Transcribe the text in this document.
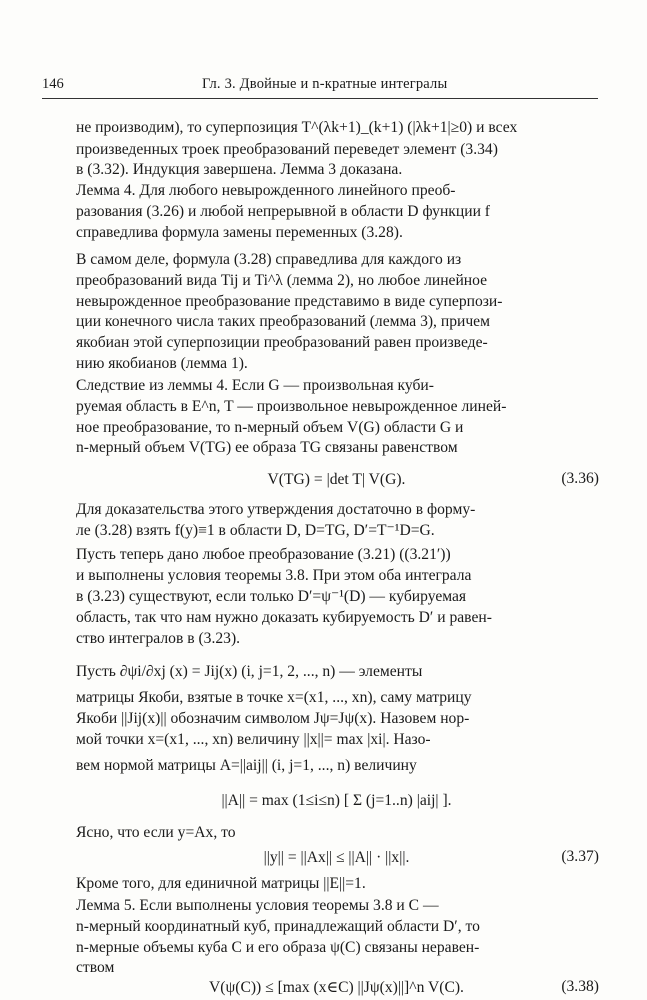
146	Гл. 3. Двойные и n-кратные интегралы
не производим), то суперпозиция T^(λk+1)_(k+1) (|λk+1|≥0) и всех
произведенных троек преобразований переведет элемент (3.34)
в (3.32). Индукция завершена. Лемма 3 доказана.
Лемма 4. Для любого невырожденного линейного преоб-
разования (3.26) и любой непрерывной в области D функции f
справедлива формула замены переменных (3.28).
В самом деле, формула (3.28) справедлива для каждого из
преобразований вида Tij и Ti^λ (лемма 2), но любое линейное
невырожденное преобразование представимо в виде суперпози-
ции конечного числа таких преобразований (лемма 3), причем
якобиан этой суперпозиции преобразований равен произведе-
нию якобианов (лемма 1).
Следствие из леммы 4. Если G — произвольная куби-
руемая область в E^n, T — произвольное невырожденное линей-
ное преобразование, то n-мерный объем V(G) области G и
n-мерный объем V(TG) ее образа TG связаны равенством
V(TG) = |det T| V(G).	(3.36)
Для доказательства этого утверждения достаточно в форму-
ле (3.28) взять f(y)≡1 в области D, D=TG, D′=T⁻¹D=G.
Пусть теперь дано любое преобразование (3.21) ((3.21′))
и выполнены условия теоремы 3.8. При этом оба интеграла
в (3.23) существуют, если только D′=ψ⁻¹(D) — кубируемая
область, так что нам нужно доказать кубируемость D′ и равен-
ство интегралов в (3.23).
Пусть ∂ψi/∂xj (x) = Jij(x) (i, j=1, 2, ..., n) — элементы
матрицы Якоби, взятые в точке x=(x1, ..., xn), саму матрицу
Якоби ||Jij(x)|| обозначим символом Jψ=Jψ(x). Назовем нор-
мой точки x=(x1, ..., xn) величину ||x||= max |xi|. Назо-
вем нормой матрицы A=||aij|| (i, j=1, ..., n) величину
||A|| = max (1≤i≤n) [ Σ (j=1..n) |aij| ].
Ясно, что если y=Ax, то
||y|| = ||Ax|| ≤ ||A|| · ||x||.	(3.37)
Кроме того, для единичной матрицы ||E||=1.
Лемма 5. Если выполнены условия теоремы 3.8 и C —
n-мерный координатный куб, принадлежащий области D′, то
n-мерные объемы куба C и его образа ψ(C) связаны неравен-
ством
V(ψ(C)) ≤ [max (x∈C) ||Jψ(x)||]^n V(C).	(3.38)
